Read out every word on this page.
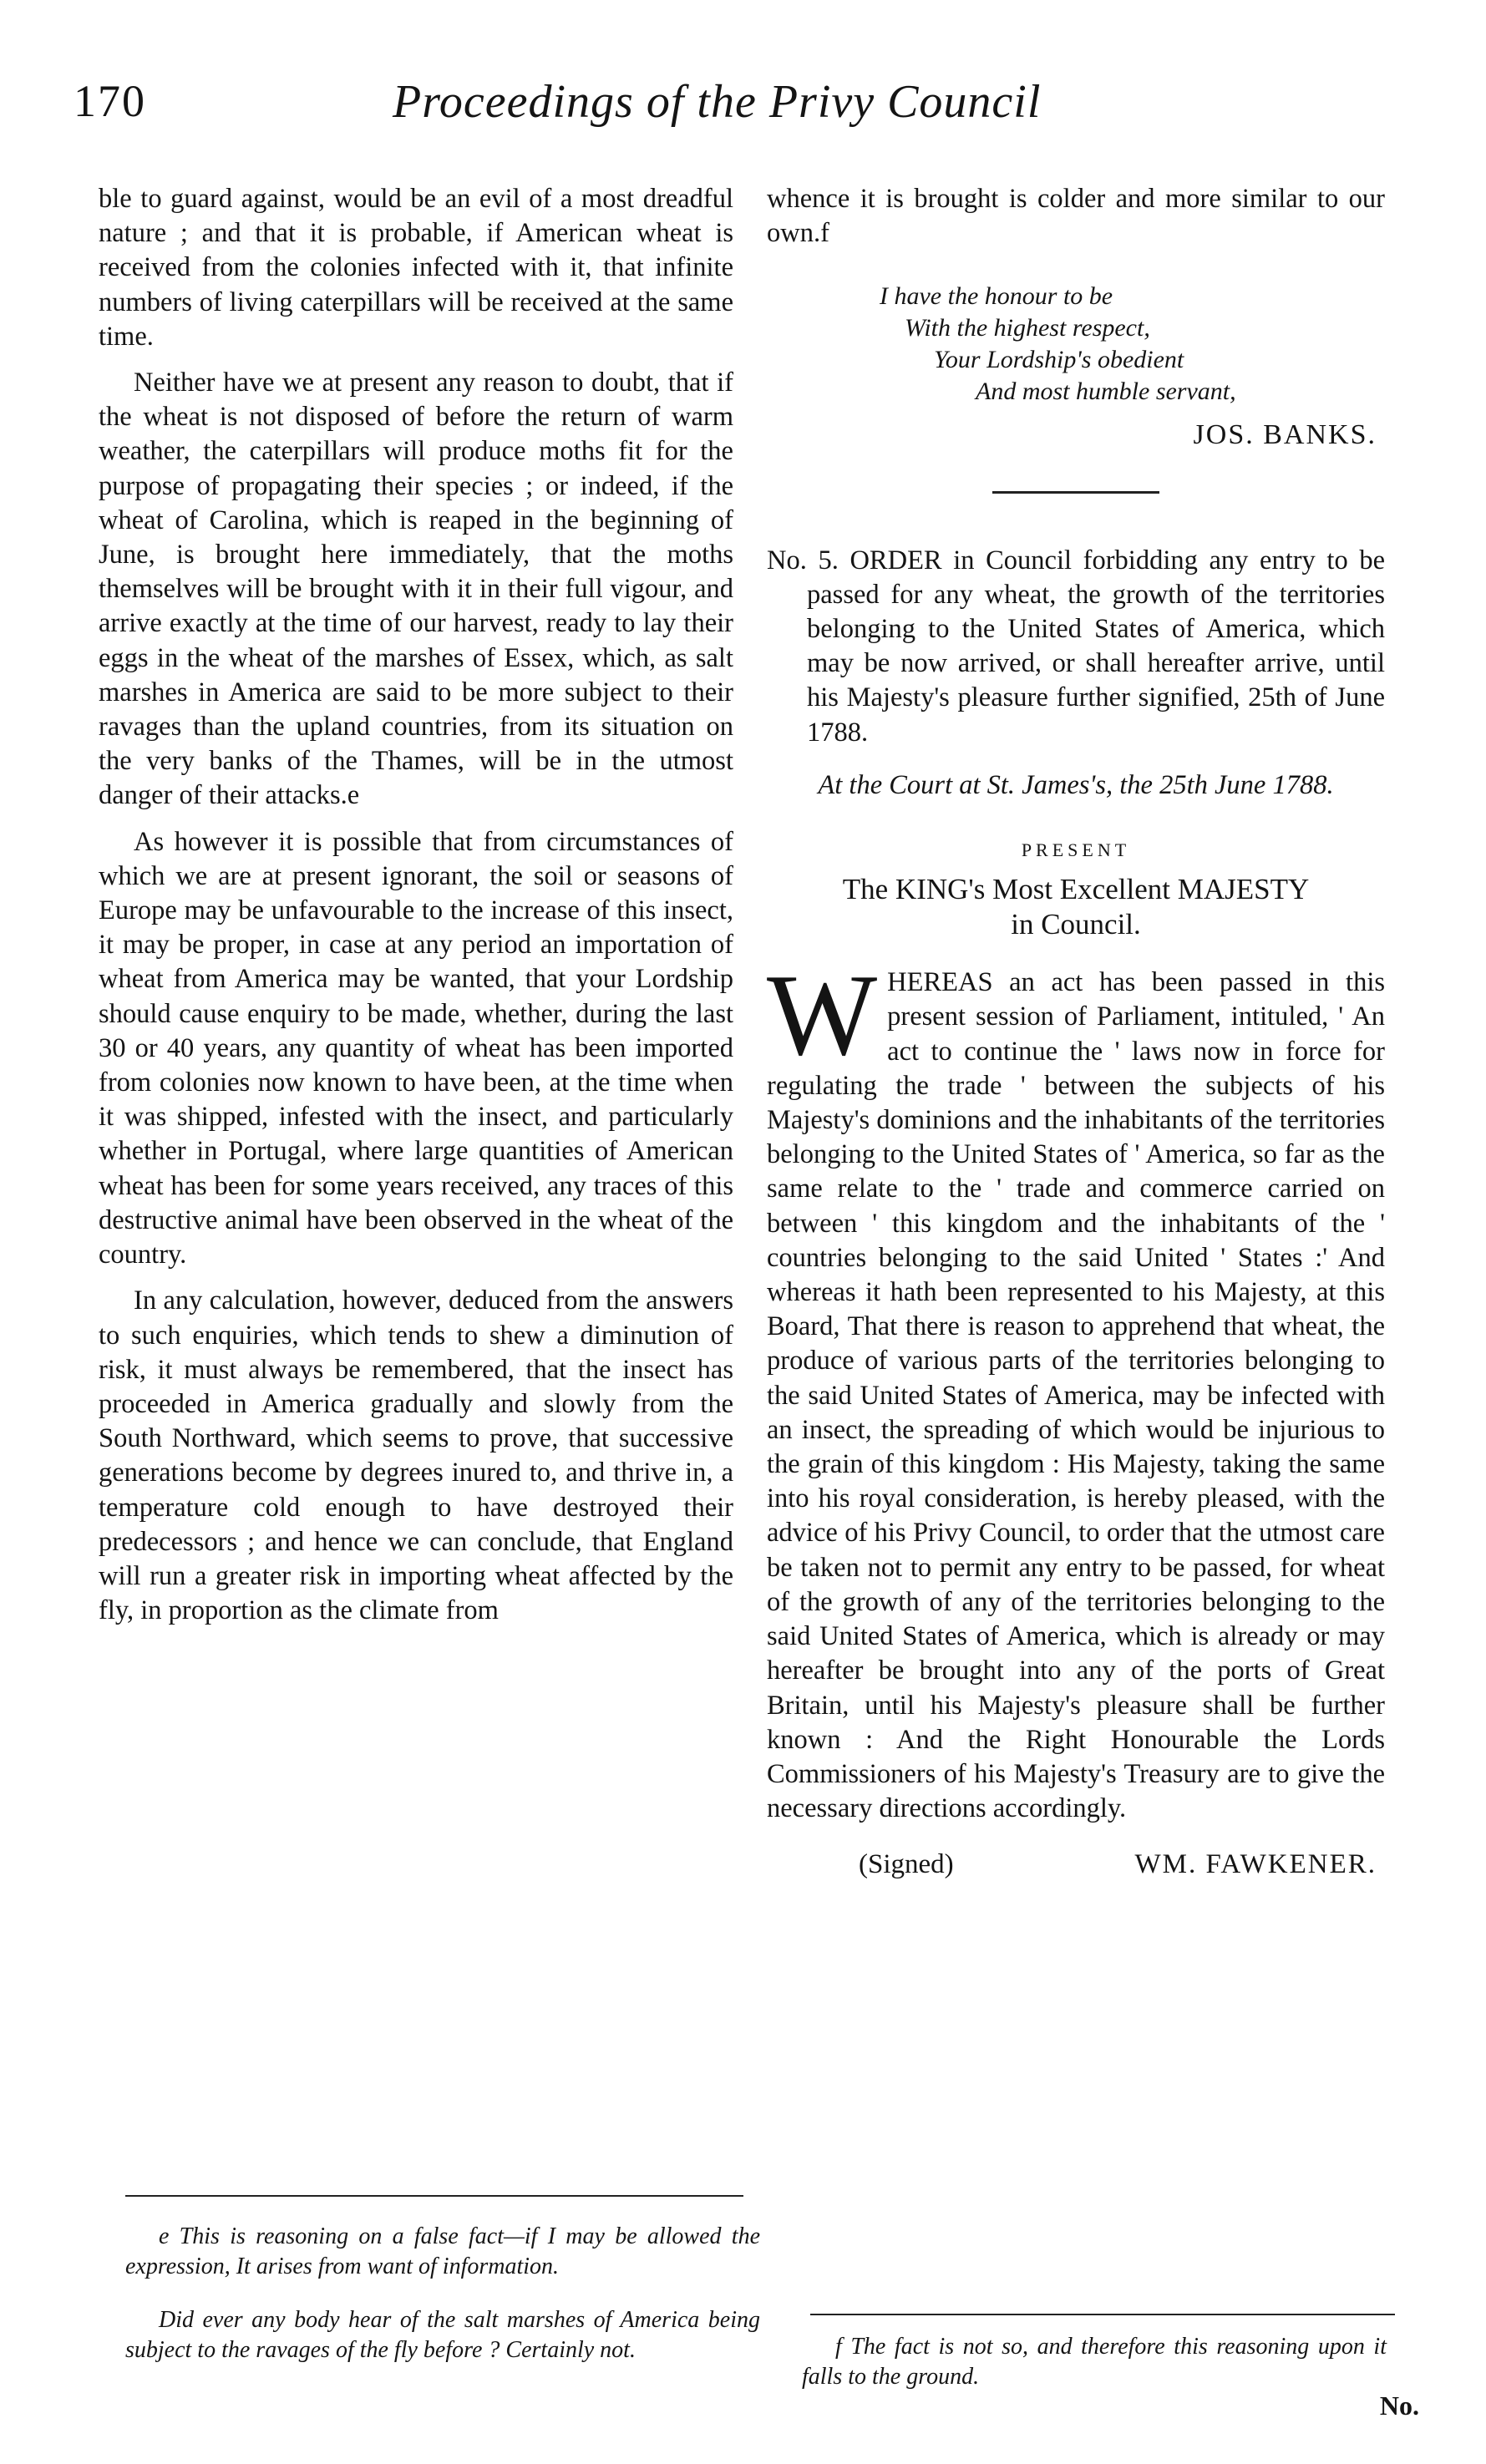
170	Proceedings of the Privy Council

ble to guard against, would be an evil of a most dreadful nature ; and that it is probable, if American wheat is received from the colonies infected with it, that infinite numbers of living caterpillars will be received at the same time.

Neither have we at present any reason to doubt, that if the wheat is not disposed of before the return of warm weather, the caterpillars will produce moths fit for the purpose of propagating their species ; or indeed, if the wheat of Carolina, which is reaped in the beginning of June, is brought here immediately, that the moths themselves will be brought with it in their full vigour, and arrive exactly at the time of our harvest, ready to lay their eggs in the wheat of the marshes of Essex, which, as salt marshes in America are said to be more subject to their ravages than the upland countries, from its situation on the very banks of the Thames, will be in the utmost danger of their attacks.e

As however it is possible that from circumstances of which we are at present ignorant, the soil or seasons of Europe may be unfavourable to the increase of this insect, it may be proper, in case at any period an importation of wheat from America may be wanted, that your Lordship should cause enquiry to be made, whether, during the last 30 or 40 years, any quantity of wheat has been imported from colonies now known to have been, at the time when it was shipped, infested with the insect, and particularly whether in Portugal, where large quantities of American wheat has been for some years received, any traces of this destructive animal have been observed in the wheat of the country.

In any calculation, however, deduced from the answers to such enquiries, which tends to shew a diminution of risk, it must always be remembered, that the insect has proceeded in America gradually and slowly from the South Northward, which seems to prove, that successive generations become by degrees inured to, and thrive in, a temperature cold enough to have destroyed their predecessors ; and hence we can conclude, that England will run a greater risk in importing wheat affected by the fly, in proportion as the climate from

whence it is brought is colder and more similar to our own.f

I have the honour to be
With the highest respect,
Your Lordship's obedient
And most humble servant,
JOS. BANKS.

No. 5. ORDER in Council forbidding any entry to be passed for any wheat, the growth of the territories belonging to the United States of America, which may be now arrived, or shall hereafter arrive, until his Majesty's pleasure further signified, 25th of June 1788.

At the Court at St. James's, the 25th June 1788.

PRESENT
The KING's Most Excellent MAJESTY
in Council.

W HEREAS an act has been passed in this present session of Parliament, intituled, ' An act to continue the ' laws now in force for regulating the trade ' between the subjects of his Majesty's dominions and the inhabitants of the territories belonging to the United States of ' America, so far as the same relate to the ' trade and commerce carried on between ' this kingdom and the inhabitants of the ' countries belonging to the said United ' States :' And whereas it hath been represented to his Majesty, at this Board, That there is reason to apprehend that wheat, the produce of various parts of the territories belonging to the said United States of America, may be infected with an insect, the spreading of which would be injurious to the grain of this kingdom : His Majesty, taking the same into his royal consideration, is hereby pleased, with the advice of his Privy Council, to order that the utmost care be taken not to permit any entry to be passed, for wheat of the growth of any of the territories belonging to the said United States of America, which is already or may hereafter be brought into any of the ports of Great Britain, until his Majesty's pleasure shall be further known : And the Right Honourable the Lords Commissioners of his Majesty's Treasury are to give the necessary directions accordingly.

(Signed)	WM. FAWKENER.

e This is reasoning on a false fact—if I may be allowed the expression, It arises from want of information.

Did ever any body hear of the salt marshes of America being subject to the ravages of the fly before ? Certainly not.	f The fact is not so, and therefore this reasoning upon it falls to the ground.

No.
